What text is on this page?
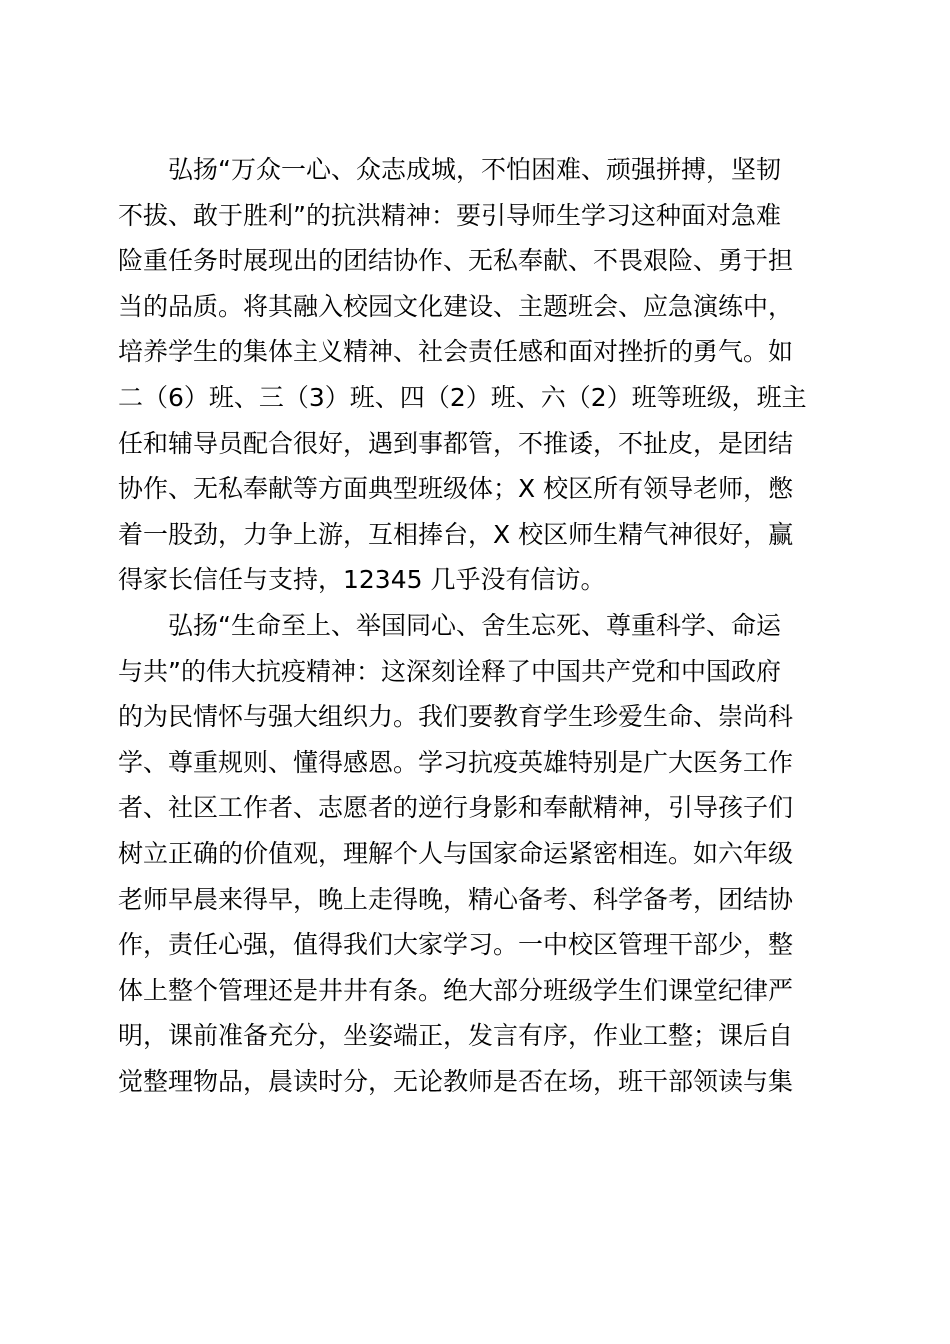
弘扬“万众一心、众志成城，不怕困难、顽强拼搏，坚韧
不拔、敢于胜利”的抗洪精神：要引导师生学习这种面对急难
险重任务时展现出的团结协作、无私奉献、不畏艰险、勇于担
当的品质。将其融入校园文化建设、主题班会、应急演练中，
培养学生的集体主义精神、社会责任感和面对挫折的勇气。如
二（6）班、三（3）班、四（2）班、六（2）班等班级，班主
任和辅导员配合很好，遇到事都管，不推诿，不扯皮，是团结
协作、无私奉献等方面典型班级体；X 校区所有领导老师，憋
着一股劲，力争上游，互相捧台，X 校区师生精气神很好，赢
得家长信任与支持，12345 几乎没有信访。

弘扬“生命至上、举国同心、舍生忘死、尊重科学、命运
与共”的伟大抗疫精神：这深刻诠释了中国共产党和中国政府
的为民情怀与强大组织力。我们要教育学生珍爱生命、崇尚科
学、尊重规则、懂得感恩。学习抗疫英雄特别是广大医务工作
者、社区工作者、志愿者的逆行身影和奉献精神，引导孩子们
树立正确的价值观，理解个人与国家命运紧密相连。如六年级
老师早晨来得早，晚上走得晚，精心备考、科学备考，团结协
作，责任心强，值得我们大家学习。一中校区管理干部少，整
体上整个管理还是井井有条。绝大部分班级学生们课堂纪律严
明，课前准备充分，坐姿端正，发言有序，作业工整；课后自
觉整理物品，晨读时分，无论教师是否在场，班干部领读与集
